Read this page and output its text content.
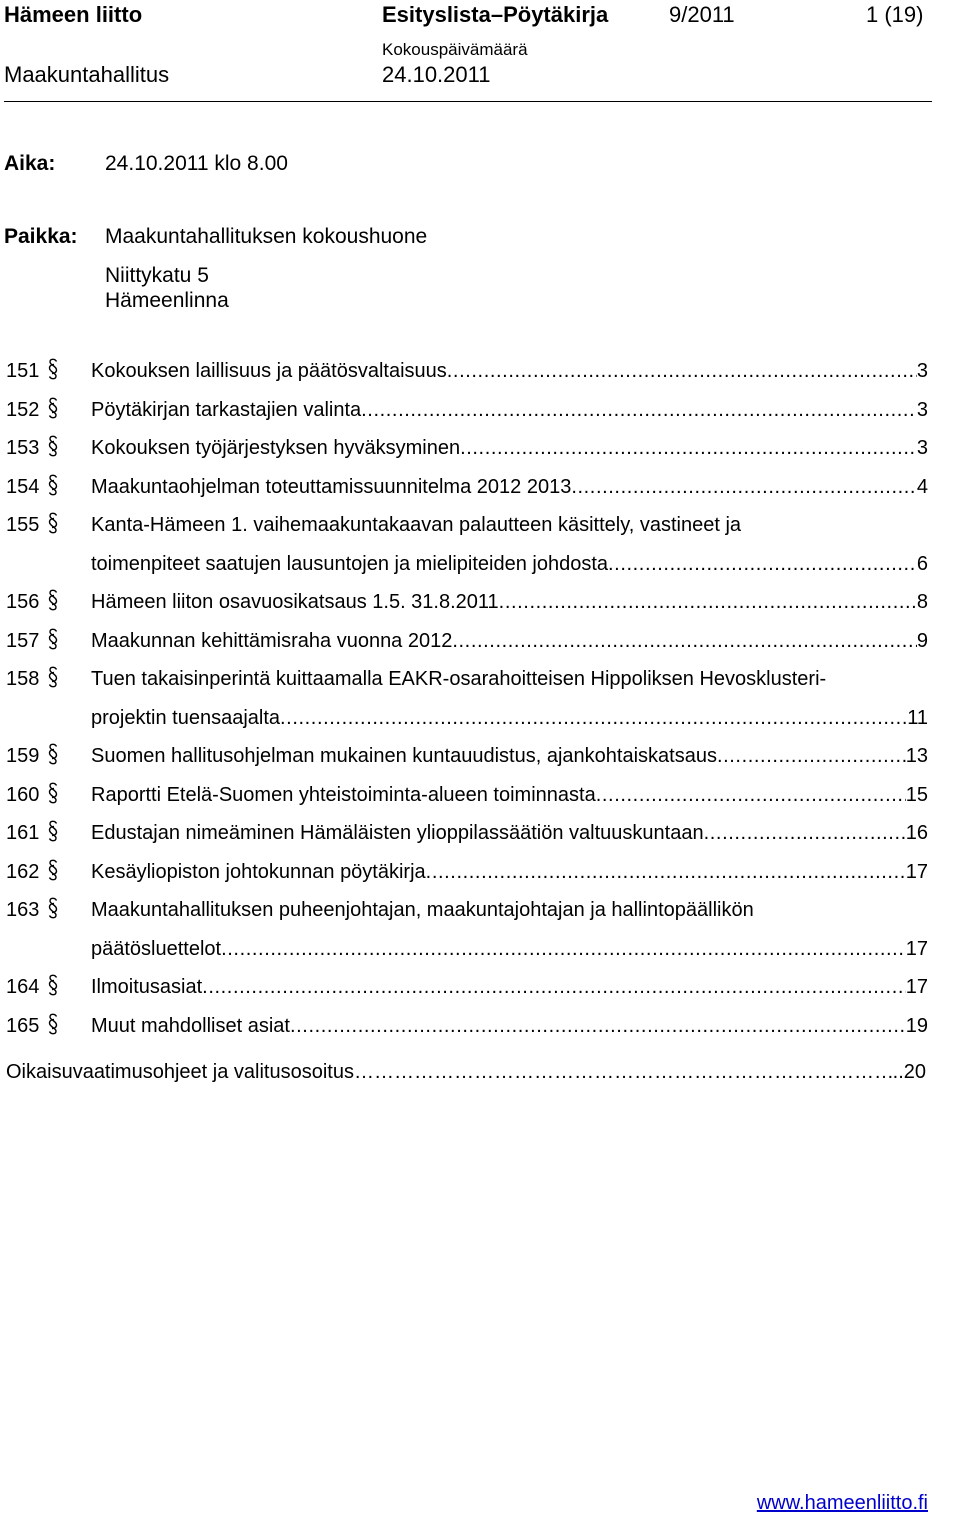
Hämeen liitto	Esityslista–Pöytäkirja	9/2011	1 (19)
Kokouspäivämäärä
Maakuntahallitus	24.10.2011
Aika: 24.10.2011 klo 8.00
Paikka: Maakuntahallituksen kokoushuone
Niittykatu 5
Hämeenlinna
151	Kokouksen laillisuus ja päätösvaltaisuus .....	3
152	Pöytäkirjan tarkastajien valinta .....	3
153	Kokouksen työjärjestyksen hyväksyminen .....	3
154	Maakuntaohjelman toteuttamissuunnitelma 2012 2013 .....	4
155	Kanta-Hämeen 1. vaihemaakuntakaavan palautteen käsittely, vastineet ja
toimenpiteet saatujen lausuntojen ja mielipiteiden johdosta .....	6
156	Hämeen liiton osavuosikatsaus 1.5. 31.8.2011 .....	8
157	Maakunnan kehittämisraha vuonna 2012 .....	9
158	Tuen takaisinperintä kuittaamalla EAKR-osarahoitteisen Hippoliksen Hevosklusteri-
projektin tuensaajalta .....	11
159	Suomen hallitusohjelman mukainen kuntauudistus, ajankohtaiskatsaus .....	13
160	Raportti Etelä-Suomen yhteistoiminta-alueen toiminnasta .....	15
161	Edustajan nimeäminen Hämäläisten ylioppilassäätiön valtuuskuntaan .....	16
162	Kesäyliopiston johtokunnan pöytäkirja .....	17
163	Maakuntahallituksen puheenjohtajan, maakuntajohtajan ja hallintopäällikön
päätösluettelot .....	17
164	Ilmoitusasiat .....	17
165	Muut mahdolliset asiat .....	19
Oikaisuvaatimusohjeet ja valitusosoitus …………………………………………………………………………………………………………………………………………………………	..20
www.hameenliitto.fi
